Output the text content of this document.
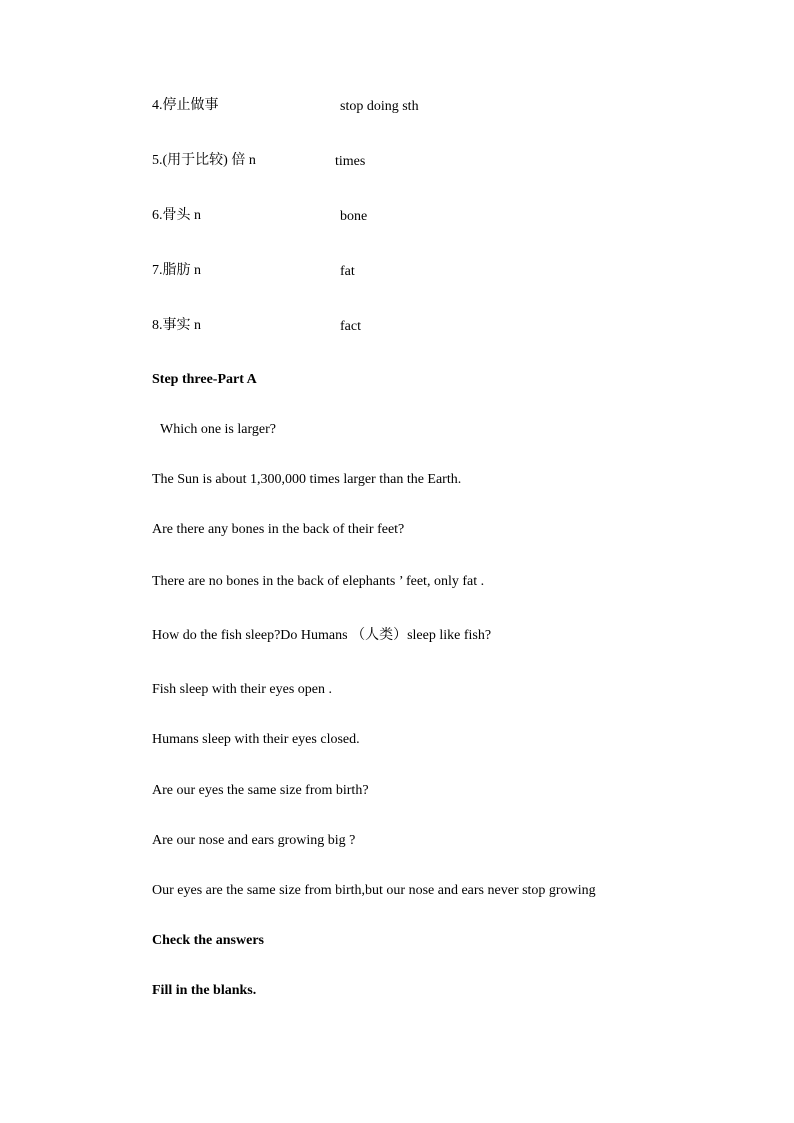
4.停止做事	stop doing sth
5.(用于比较) 倍 n	times
6.骨头 n	bone
7.脂肪 n	fat
8.事实 n	fact
Step three-Part A
Which one is larger?
The Sun is about 1,300,000 times larger than the Earth.
Are there any bones in the back of their feet?
There are no bones in the back of elephants ’ feet, only fat .
How do the fish sleep?Do Humans （人类）sleep like fish?
Fish sleep with their eyes open .
Humans sleep with their eyes closed.
Are our eyes the same size from birth?
Are our nose and ears growing big ?
Our eyes are the same size from birth,but our nose and ears never stop growing
Check the answers
Fill in the blanks.
